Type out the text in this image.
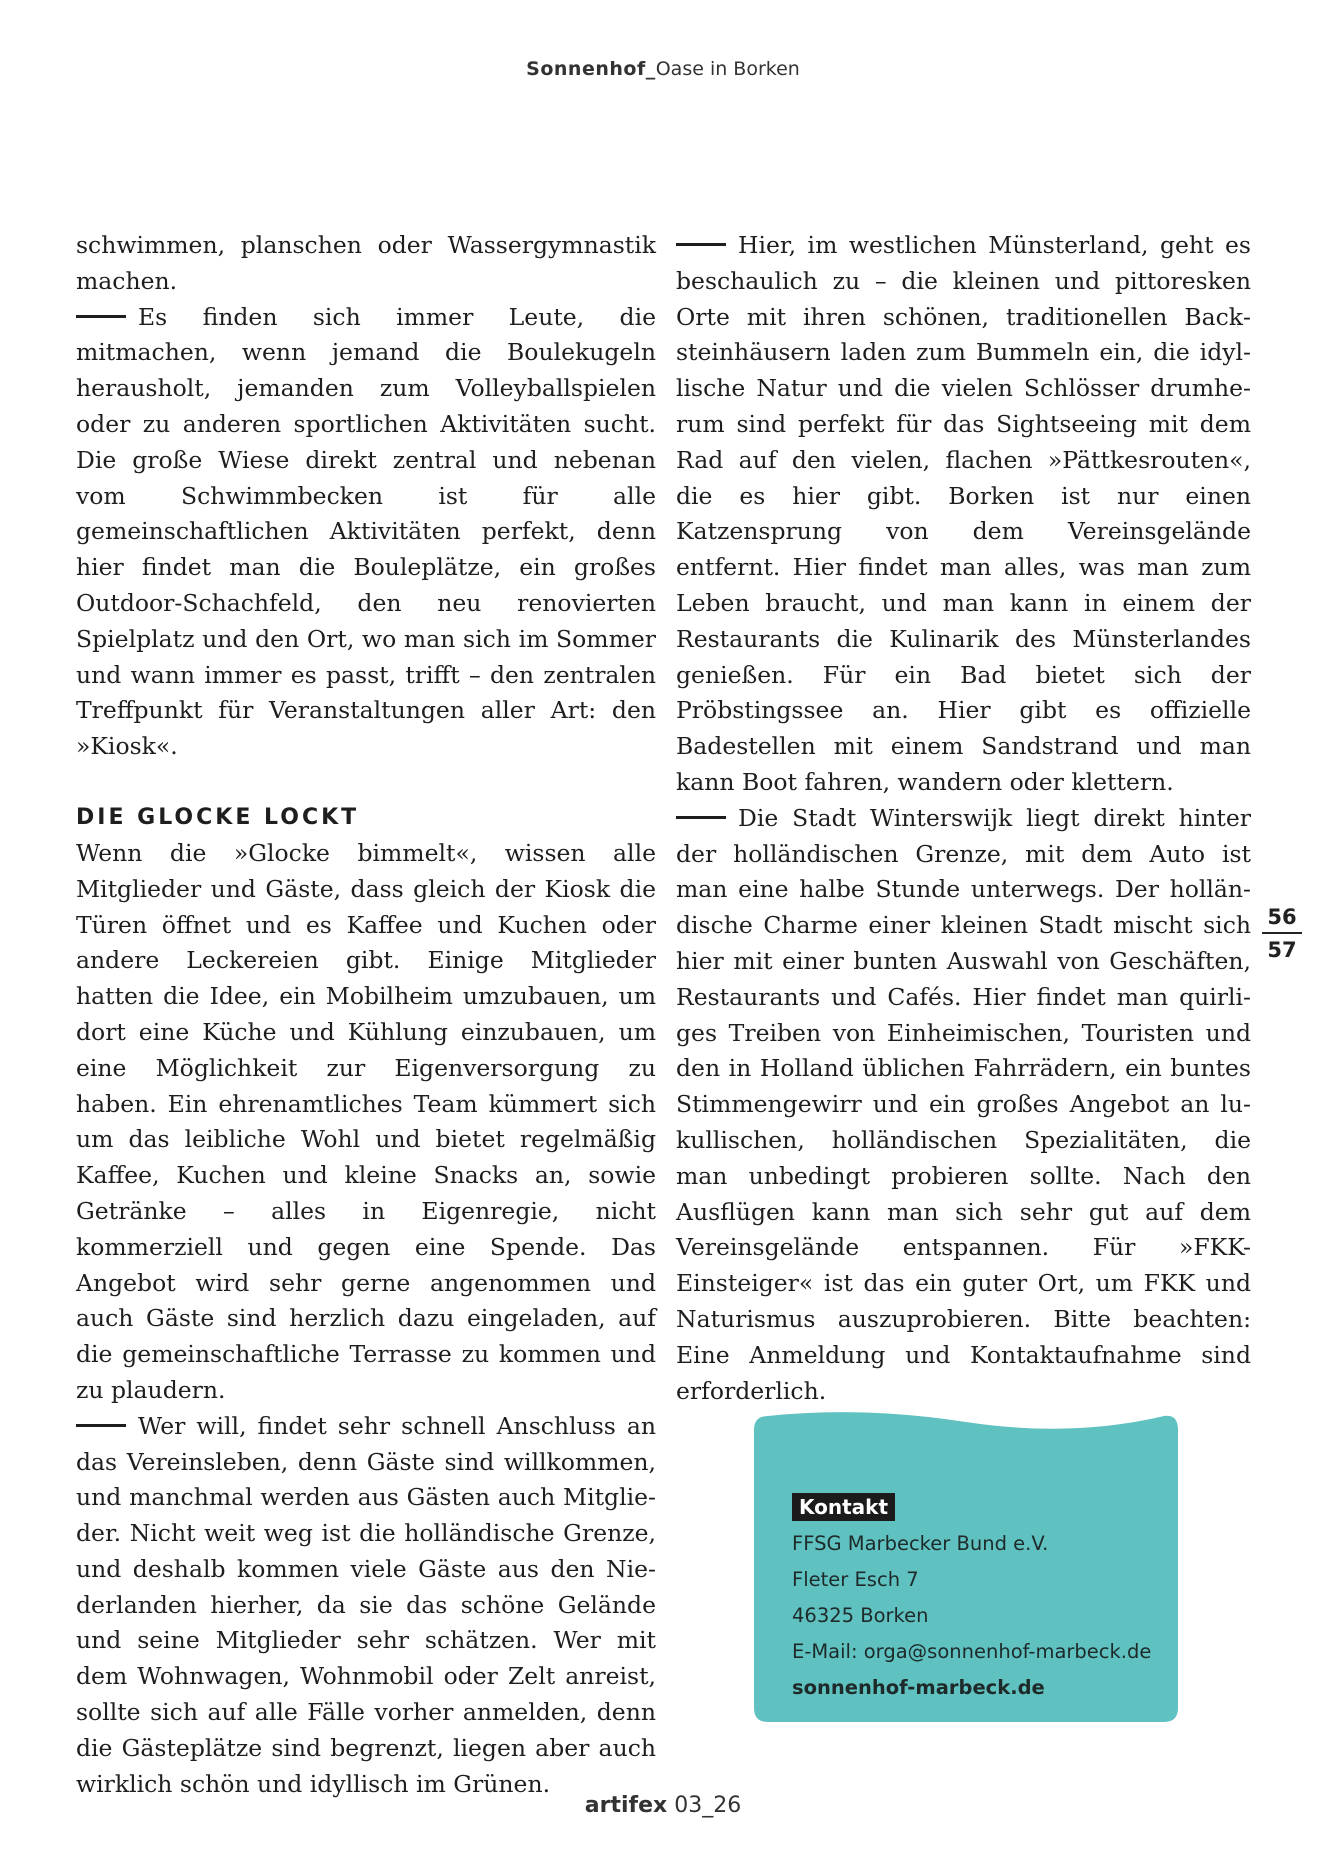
Sonnenhof_Oase in Borken

schwimmen, planschen oder Wassergymnastik machen.

Es finden sich immer Leute, die mitmachen, wenn jemand die Boulekugeln herausholt, jemanden zum Volleyballspielen oder zu anderen sportlichen Aktivitäten sucht. Die große Wiese direkt zentral und nebenan vom Schwimmbecken ist für alle gemeinschaftlichen Aktivitäten perfekt, denn hier findet man die Bouleplätze, ein großes Outdoor-Schachfeld, den neu renovierten Spielplatz und den Ort, wo man sich im Sommer und wann immer es passt, trifft – den zentralen Treffpunkt für Veranstaltungen aller Art: den »Kiosk«.

DIE GLOCKE LOCKT

Wenn die »Glocke bimmelt«, wissen alle Mitglieder und Gäste, dass gleich der Kiosk die Türen öffnet und es Kaffee und Kuchen oder andere Leckereien gibt. Einige Mitglieder hatten die Idee, ein Mobilheim umzubauen, um dort eine Küche und Kühlung einzubauen, um eine Möglichkeit zur Eigenversorgung zu haben. Ein ehrenamtliches Team kümmert sich um das leibliche Wohl und bietet regelmäßig Kaffee, Kuchen und kleine Snacks an, sowie Getränke – alles in Eigenregie, nicht kommerziell und gegen eine Spende. Das Angebot wird sehr gerne angenommen und auch Gäste sind herzlich dazu eingeladen, auf die gemeinschaftliche Terrasse zu kommen und zu plaudern.

Wer will, findet sehr schnell Anschluss an das Vereinsleben, denn Gäste sind willkommen, und manchmal werden aus Gästen auch Mitglieder. Nicht weit weg ist die holländische Grenze, und deshalb kommen viele Gäste aus den Niederlanden hierher, da sie das schöne Gelände und seine Mitglieder sehr schätzen. Wer mit dem Wohnwagen, Wohnmobil oder Zelt anreist, sollte sich auf alle Fälle vorher anmelden, denn die Gästeplätze sind begrenzt, liegen aber auch wirklich schön und idyllisch im Grünen.

Hier, im westlichen Münsterland, geht es beschaulich zu – die kleinen und pittoresken Orte mit ihren schönen, traditionellen Backsteinhäusern laden zum Bummeln ein, die idyllische Natur und die vielen Schlösser drumherum sind perfekt für das Sightseeing mit dem Rad auf den vielen, flachen »Pättkesrouten«, die es hier gibt. Borken ist nur einen Katzensprung von dem Vereinsgelände entfernt. Hier findet man alles, was man zum Leben braucht, und man kann in einem der Restaurants die Kulinarik des Münsterlandes genießen. Für ein Bad bietet sich der Pröbstingssee an. Hier gibt es offizielle Badestellen mit einem Sandstrand und man kann Boot fahren, wandern oder klettern.

Die Stadt Winterswijk liegt direkt hinter der holländischen Grenze, mit dem Auto ist man eine halbe Stunde unterwegs. Der holländische Charme einer kleinen Stadt mischt sich hier mit einer bunten Auswahl von Geschäften, Restaurants und Cafés. Hier findet man quirliges Treiben von Einheimischen, Touristen und den in Holland üblichen Fahrrädern, ein buntes Stimmengewirr und ein großes Angebot an lukullischen, holländischen Spezialitäten, die man unbedingt probieren sollte. Nach den Ausflügen kann man sich sehr gut auf dem Vereinsgelände entspannen. Für »FKK-Einsteiger« ist das ein guter Ort, um FKK und Naturismus auszuprobieren. Bitte beachten: Eine Anmeldung und Kontaktaufnahme sind erforderlich.

56
57
Kontakt
FFSG Marbecker Bund e.V.
Fleter Esch 7
46325 Borken
E-Mail: orga@sonnenhof-marbeck.de
sonnenhof-marbeck.de
artifex 03_26
